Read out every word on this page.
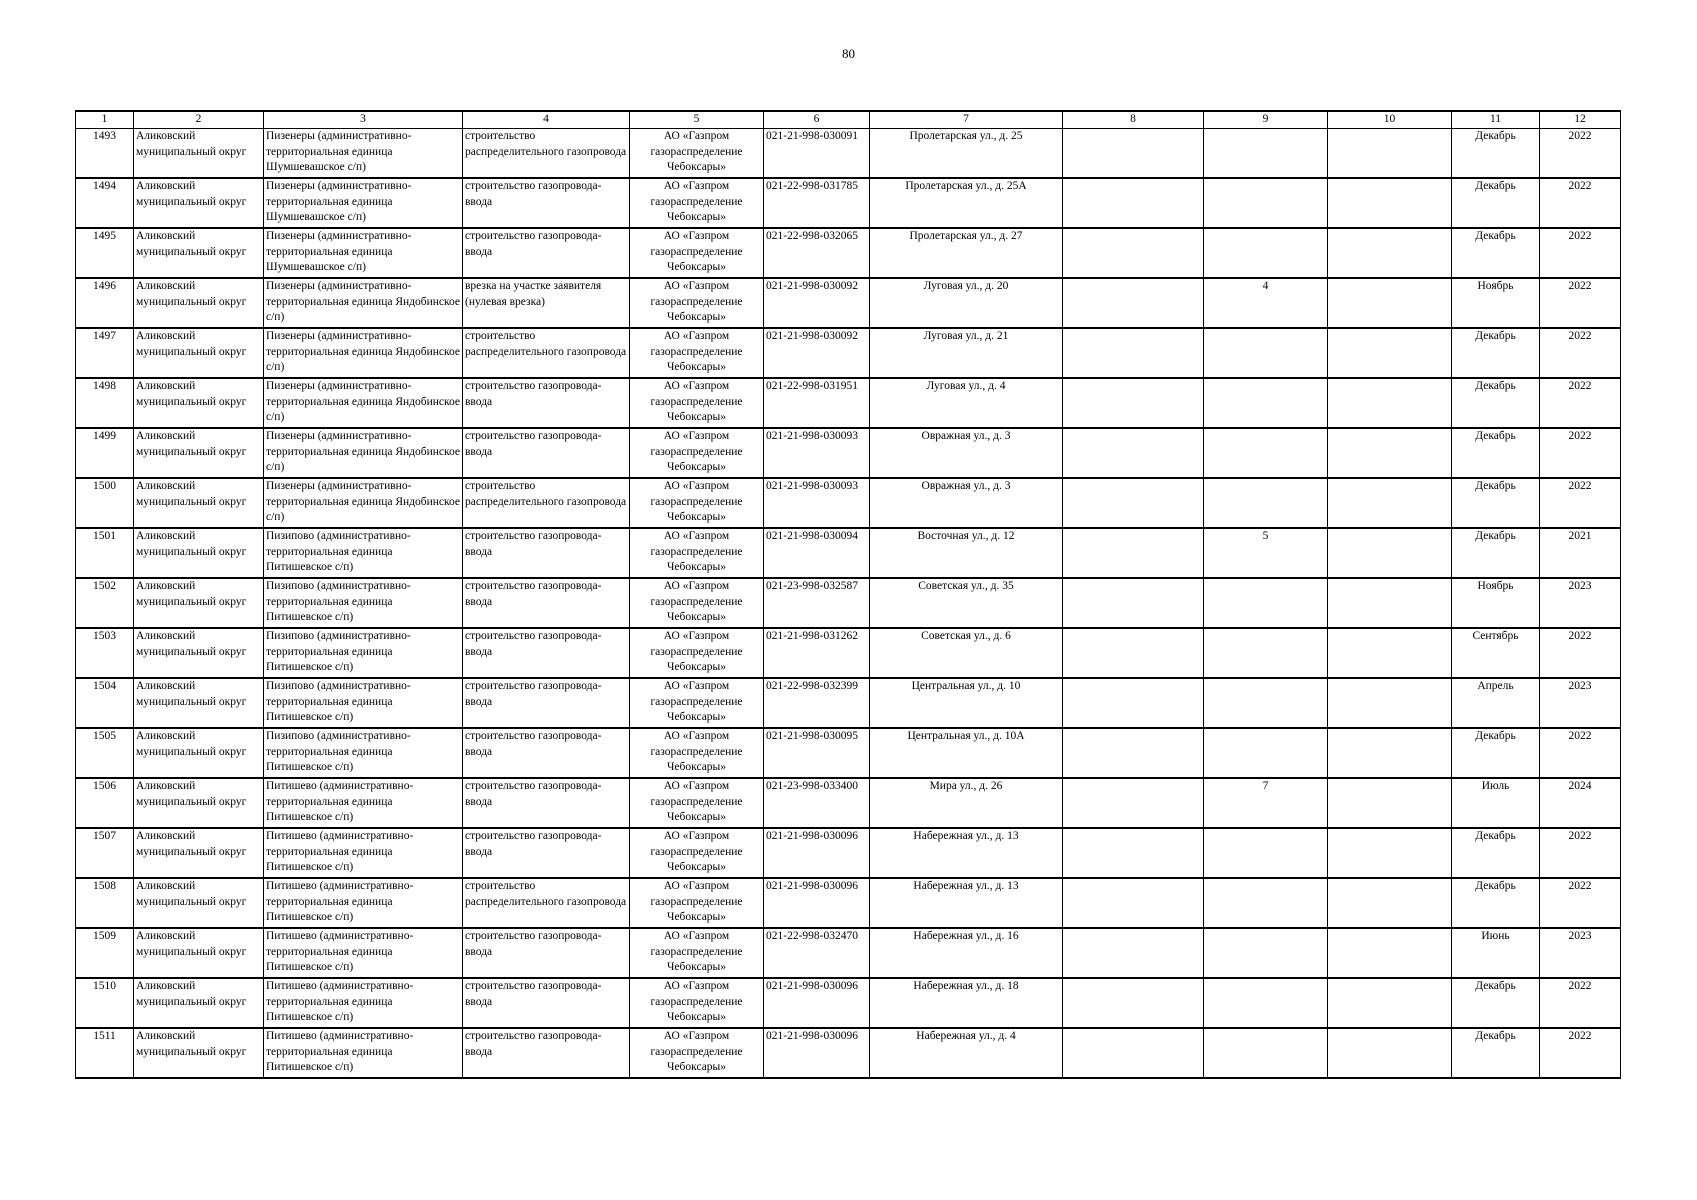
80
1	2	3	4	5	6	7	8	9	10	11	12
1493	Аликовский муниципальный округ	Пизенеры (административно- территориальная единица Шумшевашское с/п)	строительство распределительного газопровода	АО «Газпром газораспределение Чебоксары»	021-21-998-030091	Пролетарская ул., д. 25				Декабрь	2022
1494	Аликовский муниципальный округ	Пизенеры (административно- территориальная единица Шумшевашское с/п)	строительство газопровода- ввода	АО «Газпром газораспределение Чебоксары»	021-22-998-031785	Пролетарская ул., д. 25А				Декабрь	2022
1495	Аликовский муниципальный округ	Пизенеры (административно- территориальная единица Шумшевашское с/п)	строительство газопровода- ввода	АО «Газпром газораспределение Чебоксары»	021-22-998-032065	Пролетарская ул., д. 27				Декабрь	2022
1496	Аликовский муниципальный округ	Пизенеры (административно- территориальная единица Яндобинское с/п)	врезка на участке заявителя (нулевая врезка)	АО «Газпром газораспределение Чебоксары»	021-21-998-030092	Луговая ул., д. 20		4		Ноябрь	2022
1497	Аликовский муниципальный округ	Пизенеры (административно- территориальная единица Яндобинское с/п)	строительство распределительного газопровода	АО «Газпром газораспределение Чебоксары»	021-21-998-030092	Луговая ул., д. 21				Декабрь	2022
1498	Аликовский муниципальный округ	Пизенеры (административно- территориальная единица Яндобинское с/п)	строительство газопровода- ввода	АО «Газпром газораспределение Чебоксары»	021-22-998-031951	Луговая ул., д. 4				Декабрь	2022
1499	Аликовский муниципальный округ	Пизенеры (административно- территориальная единица Яндобинское с/п)	строительство газопровода- ввода	АО «Газпром газораспределение Чебоксары»	021-21-998-030093	Овражная ул., д. 3				Декабрь	2022
1500	Аликовский муниципальный округ	Пизенеры (административно- территориальная единица Яндобинское с/п)	строительство распределительного газопровода	АО «Газпром газораспределение Чебоксары»	021-21-998-030093	Овражная ул., д. 3				Декабрь	2022
1501	Аликовский муниципальный округ	Пизипово (административно- территориальная единица Питишевское с/п)	строительство газопровода- ввода	АО «Газпром газораспределение Чебоксары»	021-21-998-030094	Восточная ул., д. 12		5		Декабрь	2021
1502	Аликовский муниципальный округ	Пизипово (административно- территориальная единица Питишевское с/п)	строительство газопровода- ввода	АО «Газпром газораспределение Чебоксары»	021-23-998-032587	Советская ул., д. 35				Ноябрь	2023
1503	Аликовский муниципальный округ	Пизипово (административно- территориальная единица Питишевское с/п)	строительство газопровода- ввода	АО «Газпром газораспределение Чебоксары»	021-21-998-031262	Советская ул., д. 6				Сентябрь	2022
1504	Аликовский муниципальный округ	Пизипово (административно- территориальная единица Питишевское с/п)	строительство газопровода- ввода	АО «Газпром газораспределение Чебоксары»	021-22-998-032399	Центральная ул., д. 10				Апрель	2023
1505	Аликовский муниципальный округ	Пизипово (административно- территориальная единица Питишевское с/п)	строительство газопровода- ввода	АО «Газпром газораспределение Чебоксары»	021-21-998-030095	Центральная ул., д. 10А				Декабрь	2022
1506	Аликовский муниципальный округ	Питишево (административно- территориальная единица Питишевское с/п)	строительство газопровода- ввода	АО «Газпром газораспределение Чебоксары»	021-23-998-033400	Мира ул., д. 26		7		Июль	2024
1507	Аликовский муниципальный округ	Питишево (административно- территориальная единица Питишевское с/п)	строительство газопровода- ввода	АО «Газпром газораспределение Чебоксары»	021-21-998-030096	Набережная ул., д. 13				Декабрь	2022
1508	Аликовский муниципальный округ	Питишево (административно- территориальная единица Питишевское с/п)	строительство распределительного газопровода	АО «Газпром газораспределение Чебоксары»	021-21-998-030096	Набережная ул., д. 13				Декабрь	2022
1509	Аликовский муниципальный округ	Питишево (административно- территориальная единица Питишевское с/п)	строительство газопровода- ввода	АО «Газпром газораспределение Чебоксары»	021-22-998-032470	Набережная ул., д. 16				Июнь	2023
1510	Аликовский муниципальный округ	Питишево (административно- территориальная единица Питишевское с/п)	строительство газопровода- ввода	АО «Газпром газораспределение Чебоксары»	021-21-998-030096	Набережная ул., д. 18				Декабрь	2022
1511	Аликовский муниципальный округ	Питишево (административно- территориальная единица Питишевское с/п)	строительство газопровода- ввода	АО «Газпром газораспределение Чебоксары»	021-21-998-030096	Набережная ул., д. 4				Декабрь	2022
